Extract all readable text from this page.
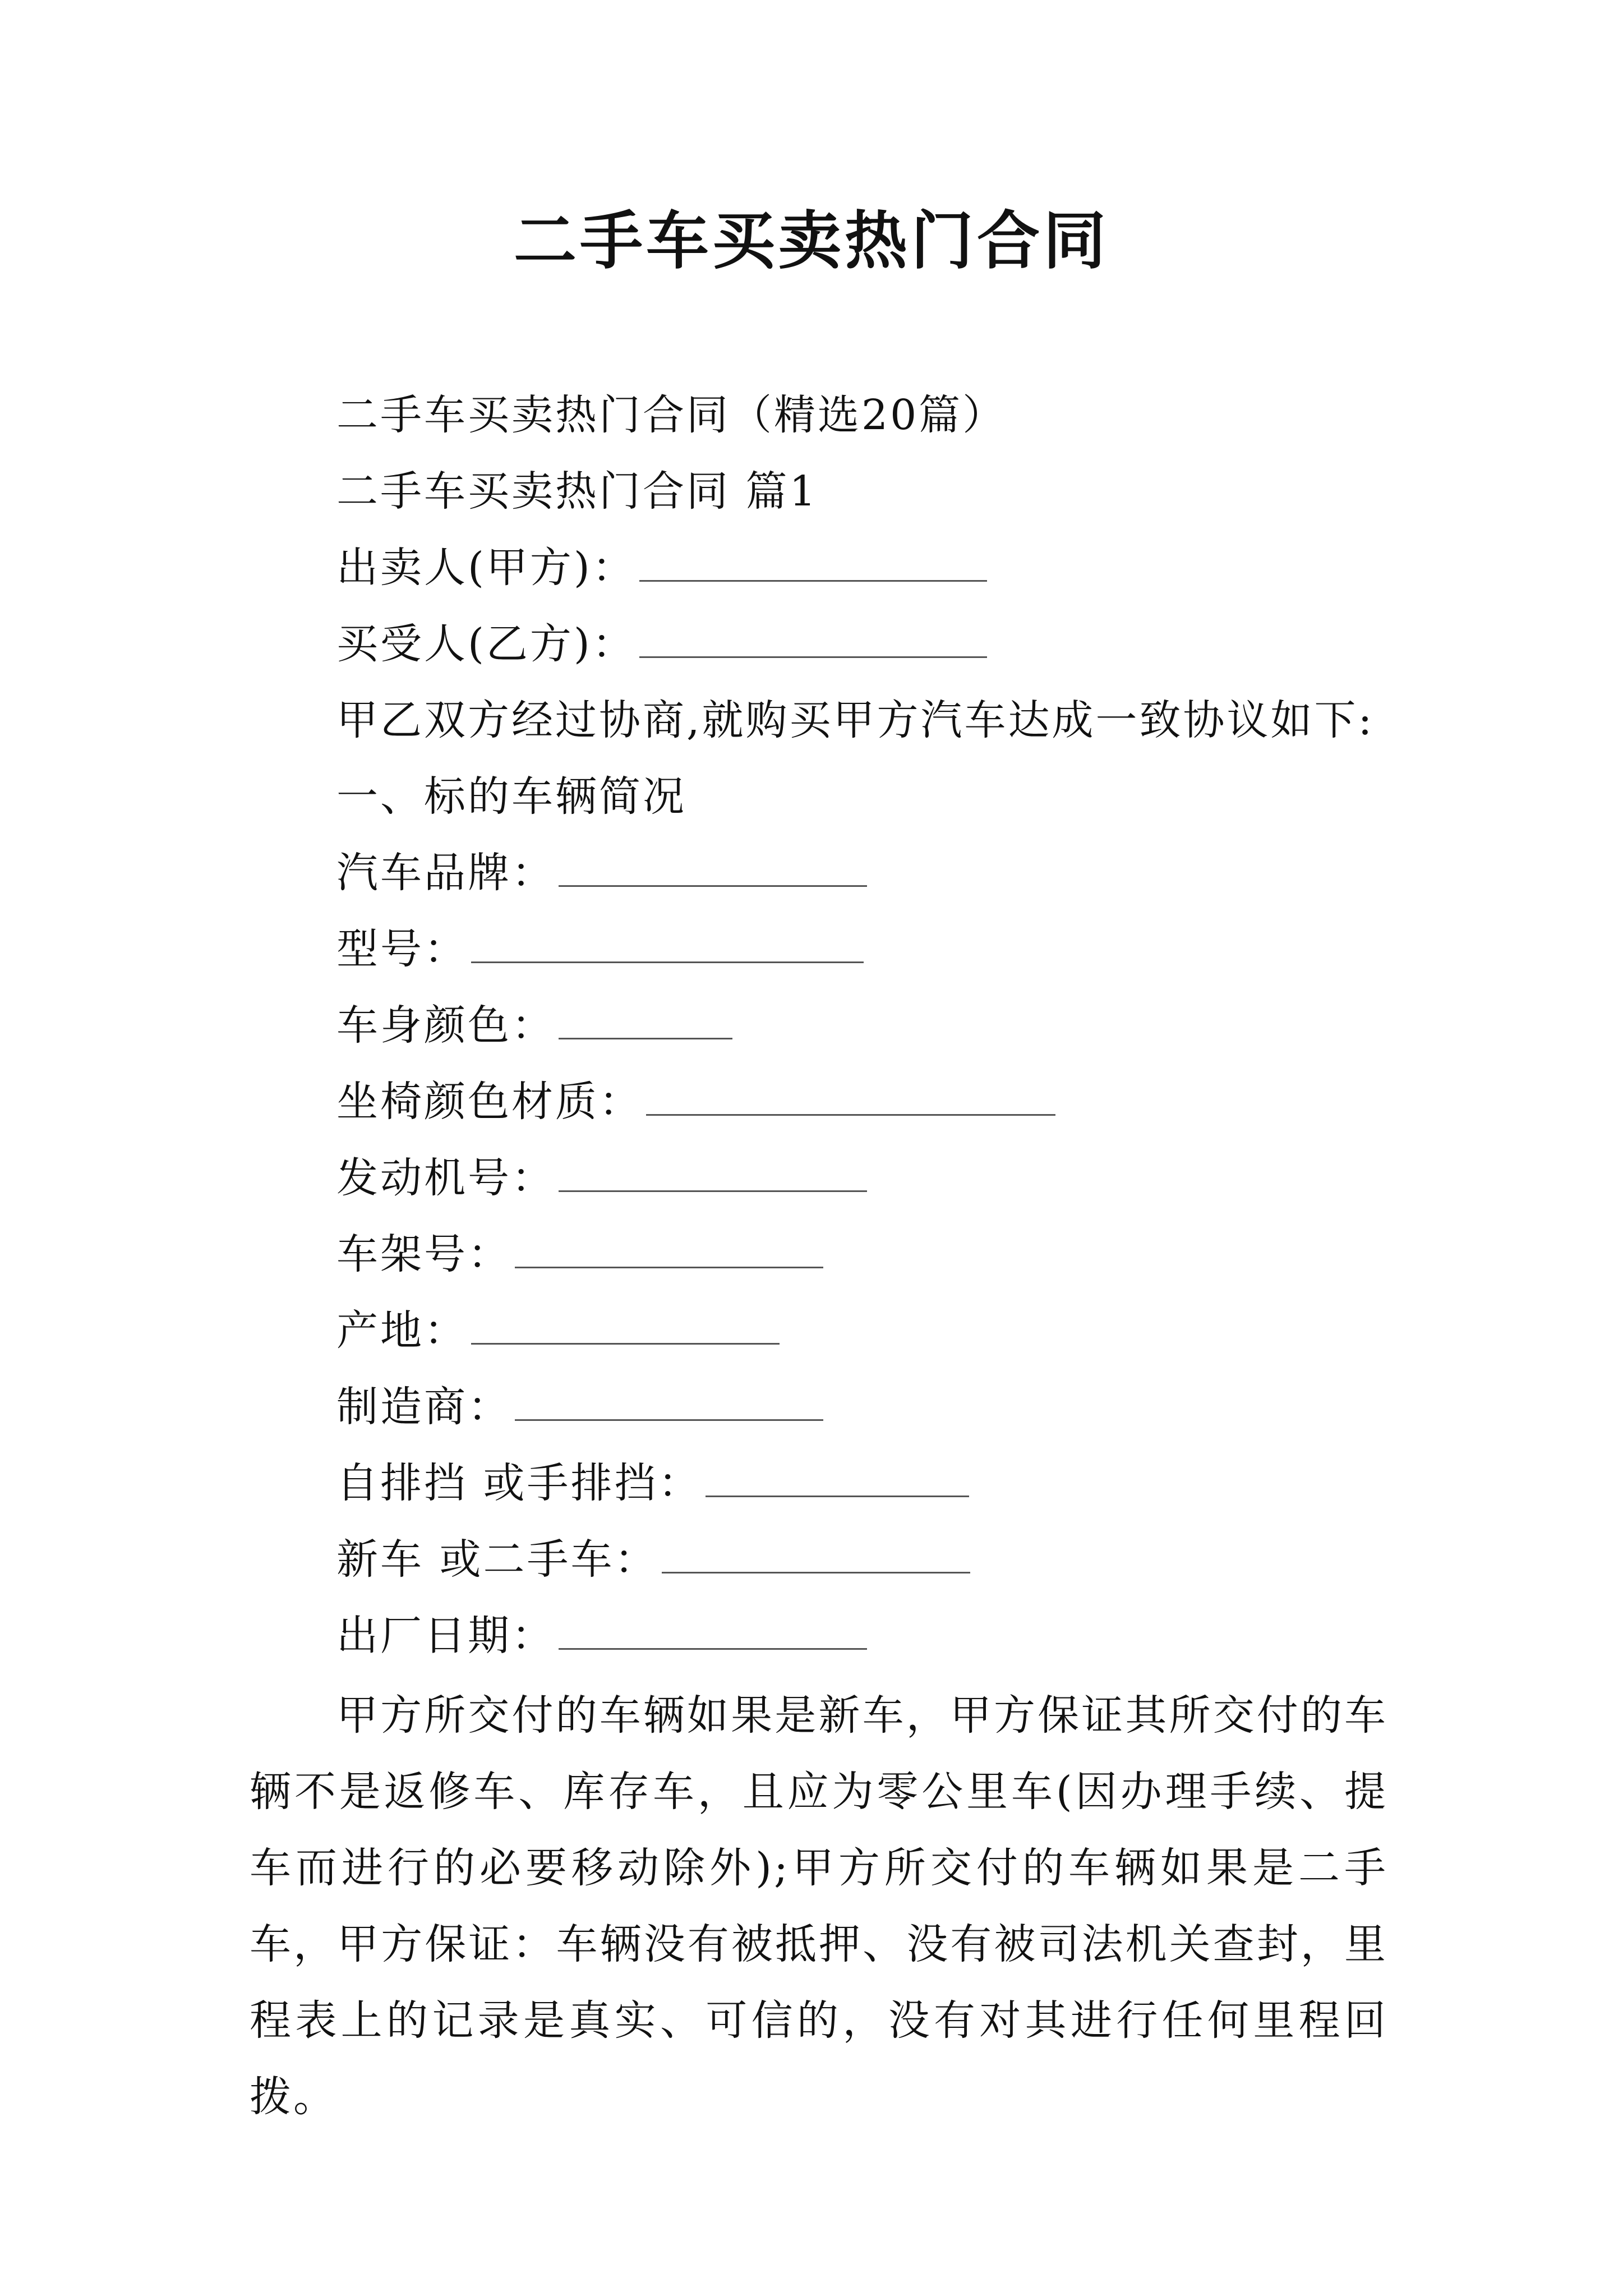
二手车买卖热门合同
二手车买卖热门合同（精选20篇）
二手车买卖热门合同 篇1
出卖人(甲方)：
买受人(乙方)：
甲乙双方经过协商,就购买甲方汽车达成一致协议如下:
一、标的车辆简况
汽车品牌：
型号：
车身颜色：
坐椅颜色材质：
发动机号：
车架号：
产地：
制造商：
自排挡 或手排挡：
新车 或二手车：
出厂日期：
甲方所交付的车辆如果是新车，甲方保证其所交付的车辆不是返修车、库存车，且应为零公里车(因办理手续、提车而进行的必要移动除外);甲方所交付的车辆如果是二手车，甲方保证：车辆没有被抵押、没有被司法机关查封，里程表上的记录是真实、可信的，没有对其进行任何里程回拨。
